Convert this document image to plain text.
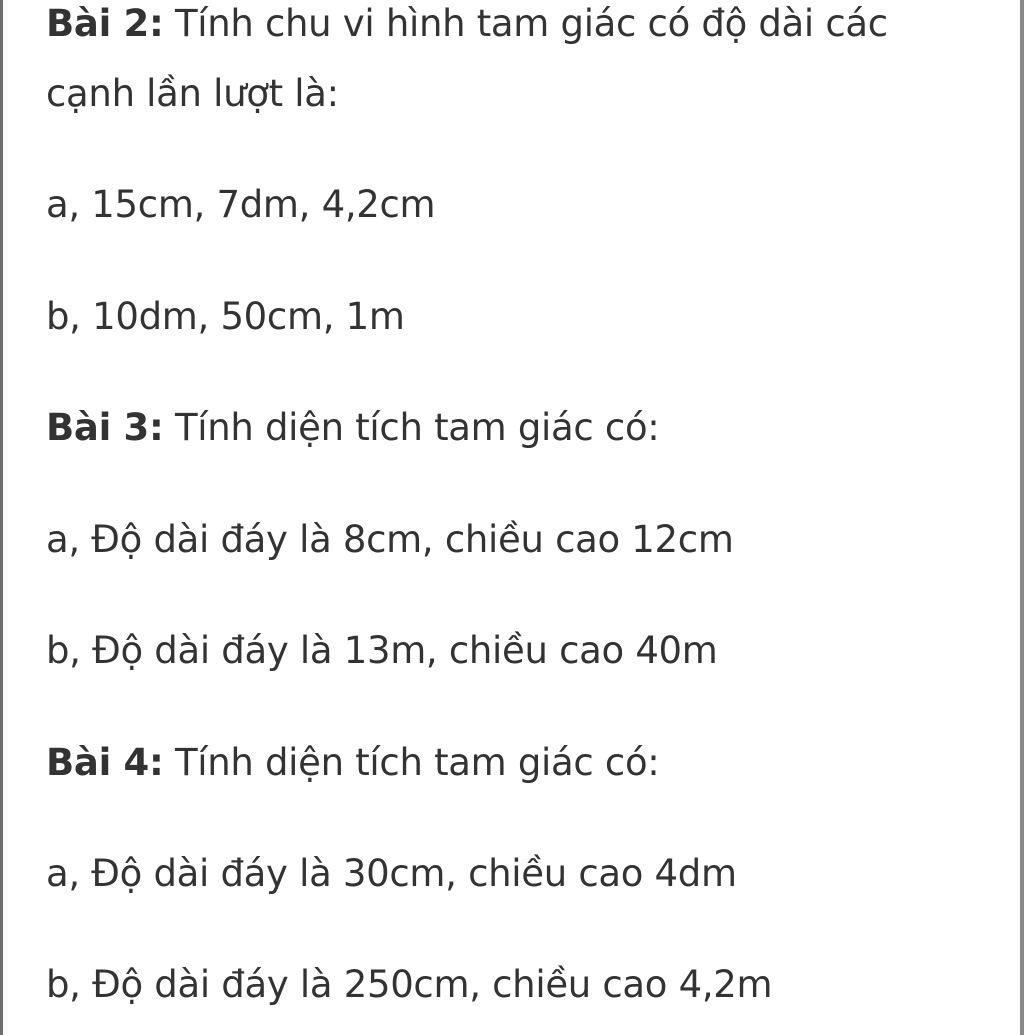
Bài 2: Tính chu vi hình tam giác có độ dài các
cạnh lần lượt là:
a, 15cm, 7dm, 4,2cm
b, 10dm, 50cm, 1m
Bài 3: Tính diện tích tam giác có:
a, Độ dài đáy là 8cm, chiều cao 12cm
b, Độ dài đáy là 13m, chiều cao 40m
Bài 4: Tính diện tích tam giác có:
a, Độ dài đáy là 30cm, chiều cao 4dm
b, Độ dài đáy là 250cm, chiều cao 4,2m
